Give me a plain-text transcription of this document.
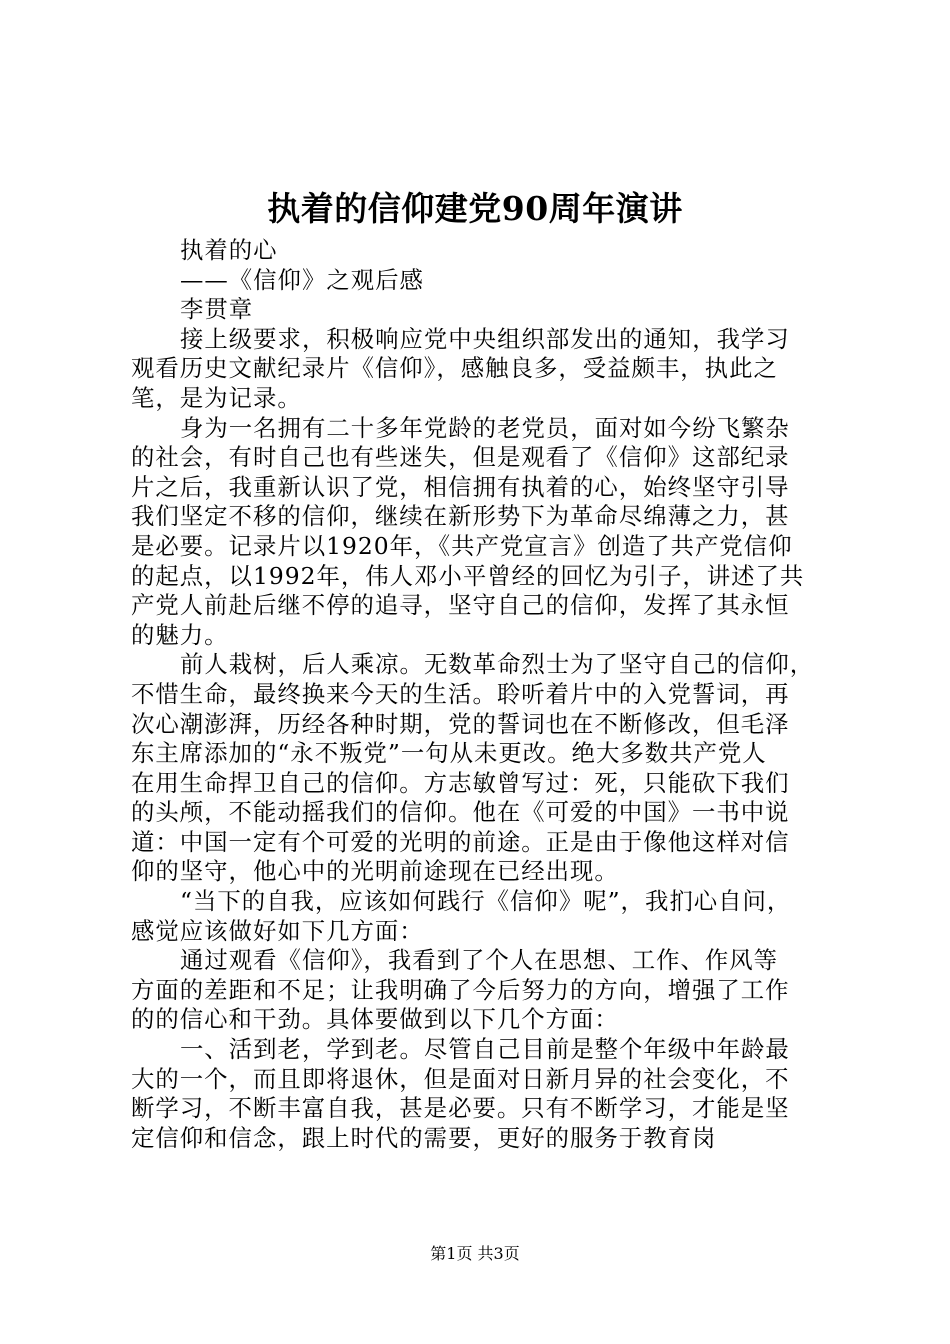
执着的信仰建党90周年演讲
执着的心
——《信仰》之观后感
李贯章
接上级要求，积极响应党中央组织部发出的通知，我学习
观看历史文献纪录片《信仰》，感触良多，受益颇丰，执此之
笔，是为记录。
身为一名拥有二十多年党龄的老党员，面对如今纷飞繁杂
的社会，有时自己也有些迷失，但是观看了《信仰》这部纪录
片之后，我重新认识了党，相信拥有执着的心，始终坚守引导
我们坚定不移的信仰，继续在新形势下为革命尽绵薄之力，甚
是必要。记录片以1920年，《共产党宣言》创造了共产党信仰
的起点，以1992年，伟人邓小平曾经的回忆为引子，讲述了共
产党人前赴后继不停的追寻，坚守自己的信仰，发挥了其永恒
的魅力。
前人栽树，后人乘凉。无数革命烈士为了坚守自己的信仰，
不惜生命，最终换来今天的生活。聆听着片中的入党誓词，再
次心潮澎湃，历经各种时期，党的誓词也在不断修改，但毛泽
东主席添加的“永不叛党”一句从未更改。绝大多数共产党人
在用生命捍卫自己的信仰。方志敏曾写过：死，只能砍下我们
的头颅，不能动摇我们的信仰。他在《可爱的中国》一书中说
道：中国一定有个可爱的光明的前途。正是由于像他这样对信
仰的坚守，他心中的光明前途现在已经出现。
“当下的自我，应该如何践行《信仰》呢”，我扪心自问，
感觉应该做好如下几方面：
通过观看《信仰》，我看到了个人在思想、工作、作风等
方面的差距和不足；让我明确了今后努力的方向，增强了工作
的的信心和干劲。具体要做到以下几个方面：
一、活到老，学到老。尽管自己目前是整个年级中年龄最
大的一个，而且即将退休，但是面对日新月异的社会变化，不
断学习，不断丰富自我，甚是必要。只有不断学习，才能是坚
定信仰和信念，跟上时代的需要，更好的服务于教育岗
第1页 共3页
